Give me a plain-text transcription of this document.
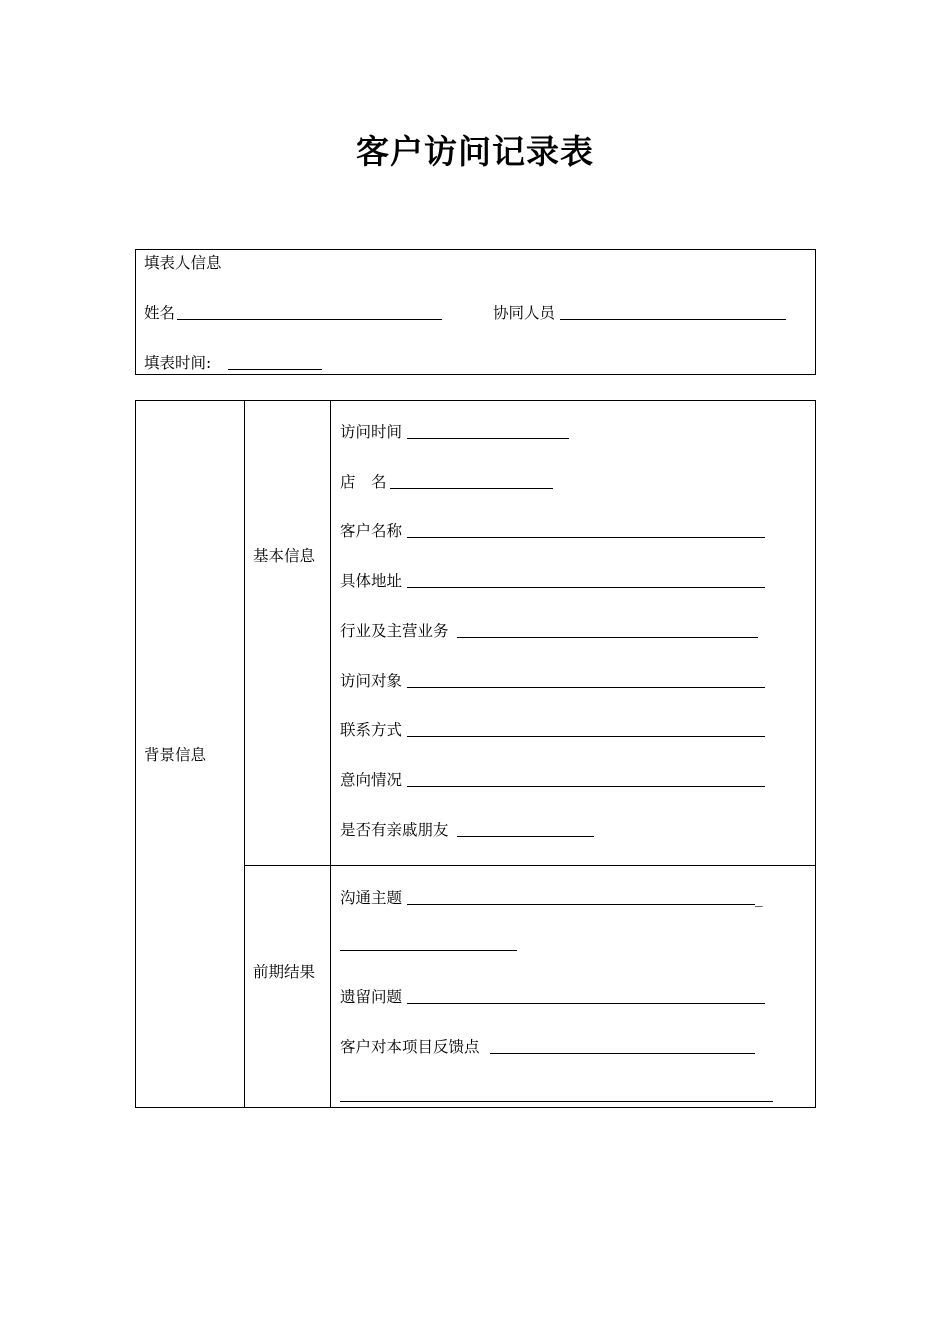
客户访问记录表
填表人信息
姓名	协同人员
填表时间:
背景信息
基本信息
前期结果
访问时间
店　名
客户名称
具体地址
行业及主营业务
访问对象
联系方式
意向情况
是否有亲戚朋友
沟通主题	_
遗留问题
客户对本项目反馈点
